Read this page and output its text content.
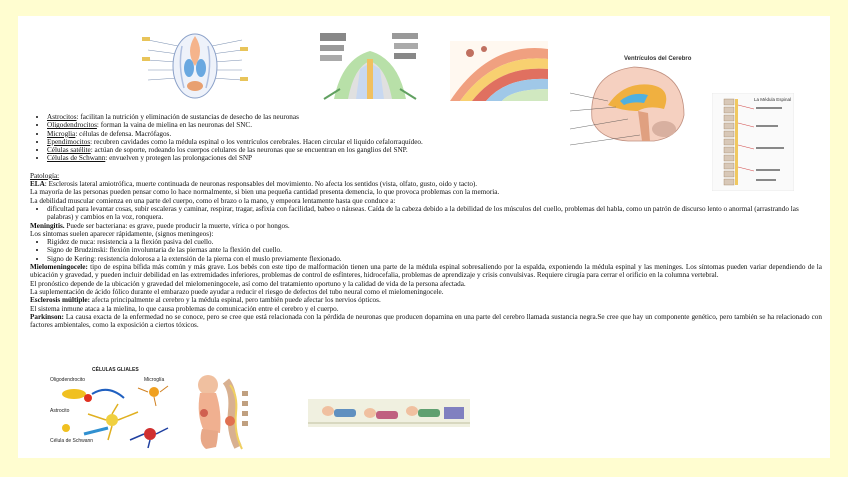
Ventrículos del Cerebro
La Médula Espinal
• Astrocitos: facilitan la nutrición y eliminación de sustancias de desecho de las neuronas
• Oligodendrocitos: forman la vaina de mielina en las neuronas del SNC.
• Microglia: células de defensa. Macrófagos.
• Ependimocitos: recubren cavidades como la médula espinal o los ventrículos cerebrales. Hacen circular el liquido cefalorraquídeo.
• Células satélite: actúan de soporte, rodeando los cuerpos celulares de las neuronas que se encuentran en los ganglios del SNP.
• Células de Schwann: envuelven y protegen las prolongaciones del SNP

Patología:

ELA: Esclerosis lateral amiotrófica, muerte continuada de neuronas responsables del movimiento. No afecta los sentidos (vista, olfato, gusto, oido y tacto).

La mayoría de las personas pueden pensar como lo hace normalmente, si bien una pequeña cantidad presenta demencia, lo que provoca problemas con la memoria.

La debilidad muscular comienza en una parte del cuerpo, como el brazo o la mano, y empeora lentamente hasta que conduce a:

• dificultad para levantar cosas, subir escaleras y caminar, respirar, tragar, asfixia con facilidad, babeo o náuseas. Caída de la cabeza debido a la debilidad de los músculos del cuello, problemas del habla, como un patrón de discurso lento o anormal (arrastrando las palabras) y cambios en la voz, ronquera.

Meningitis. Puede ser bacteriana: es grave, puede producir la muerte, vírica o por hongos.

Los síntomas suelen aparecer rápidamente, (signos meningeos):

• Rigidez de nuca: resistencia a la flexión pasiva del cuello.
• Signo de Brudzinski: flexión involuntaria de las piernas ante la flexión del cuello.
• Signo de Kering: resistencia dolorosa a la extensión de la pierna con el muslo previamente flexionado.

Mielomeningocele: tipo de espina bífida más común y más grave. Los bebés con este tipo de malformación tienen una parte de la médula espinal sobresaliendo por la espalda, exponiendo la médula espinal y las meninges. Los síntomas pueden variar dependiendo de la ubicación y gravedad, y pueden incluir debilidad en las extremidades inferiores, problemas de control de esfínteres, hidrocefalia, problemas de aprendizaje y crisis convulsivas. Requiere cirugía para cerrar el orificio en la columna vertebral.

El pronóstico depende de la ubicación y gravedad del mielomeningocele, así como del tratamiento oportuno y la calidad de vida de la persona afectada.

La suplementación de ácido fólico durante el embarazo puede ayudar a reducir el riesgo de defectos del tubo neural como el mielomeningocele.

Esclerosis múltiple: afecta principalmente al cerebro y la médula espinal, pero también puede afectar los nervios ópticos.

El sistema inmune ataca a la mielina, lo que causa problemas de comunicación entre el cerebro y el cuerpo.

Parkinson: La causa exacta de la enfermedad no se conoce, pero se cree que está relacionada con la pérdida de neuronas que producen dopamina en una parte del cerebro llamada sustancia negra.Se cree que hay un componente genético, pero también se ha relacionado con factores ambientales, como la exposición a ciertos tóxicos.

CÉLULAS GLIALES
Oligodendrocito	Microglía
Astrocito
Célula de Schwann
